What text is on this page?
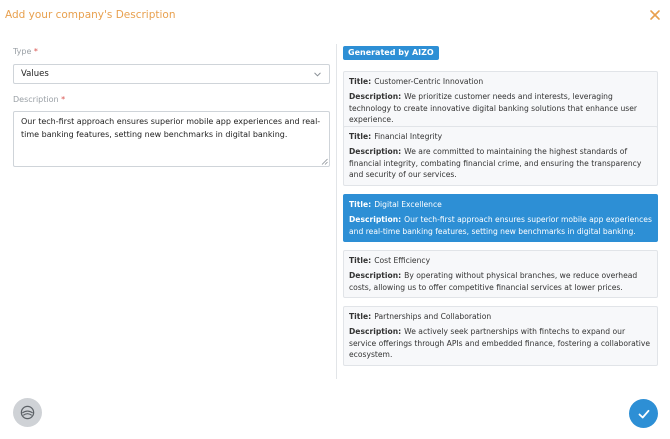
Add your company's Description
Type *
Values
Description *
Our tech-first approach ensures superior mobile app experiences and real-time banking features, setting new benchmarks in digital banking.
Generated by AIZO
Title: Customer-Centric Innovation
Description: We prioritize customer needs and interests, leveraging technology to create innovative digital banking solutions that enhance user experience.
Title: Financial Integrity
Description: We are committed to maintaining the highest standards of financial integrity, combating financial crime, and ensuring the transparency and security of our services.
Title: Digital Excellence
Description: Our tech-first approach ensures superior mobile app experiences and real-time banking features, setting new benchmarks in digital banking.
Title: Cost Efficiency
Description: By operating without physical branches, we reduce overhead costs, allowing us to offer competitive financial services at lower prices.
Title: Partnerships and Collaboration
Description: We actively seek partnerships with fintechs to expand our service offerings through APIs and embedded finance, fostering a collaborative ecosystem.
